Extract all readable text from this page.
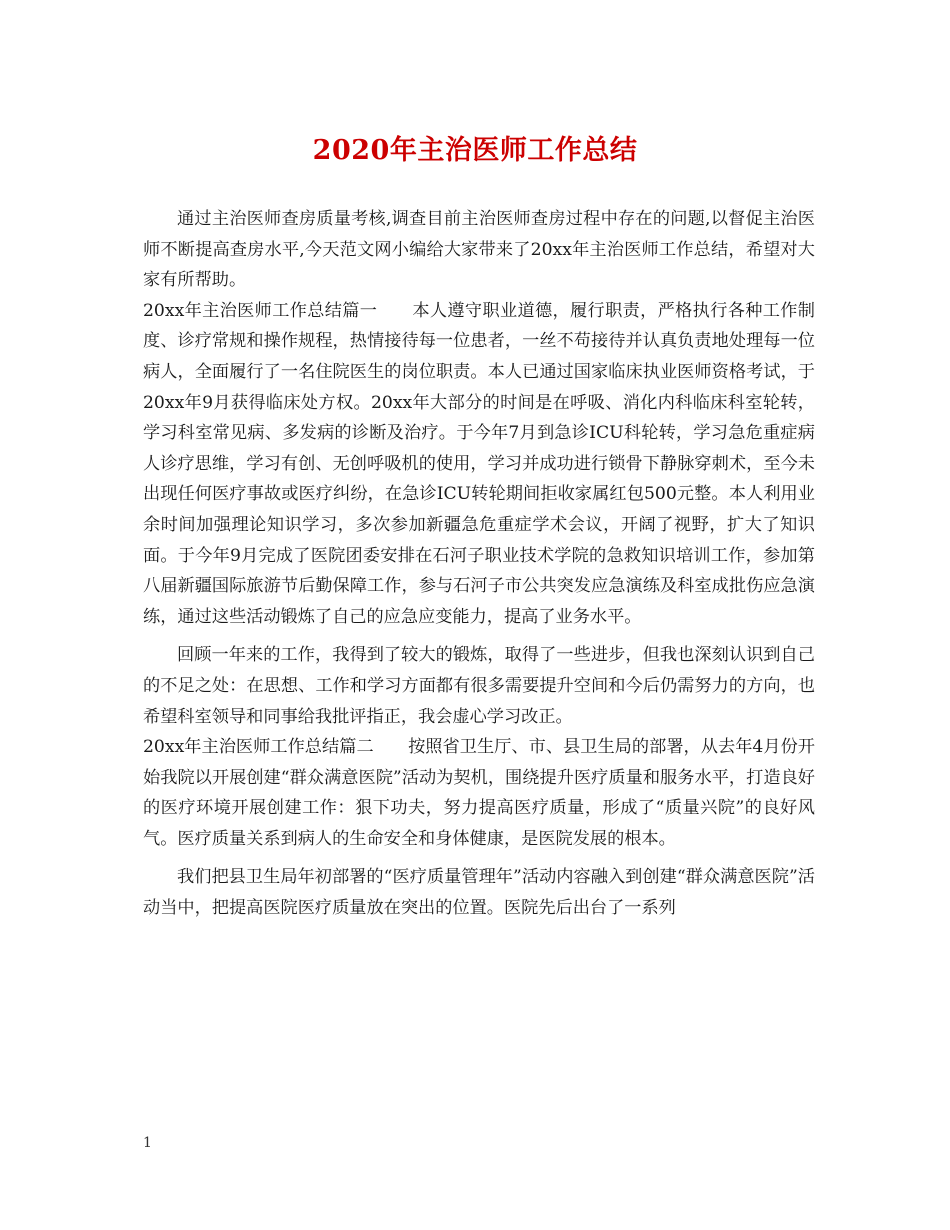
2020年主治医师工作总结

通过主治医师查房质量考核,调查目前主治医师查房过程中存在的问题,以督促主治医师不断提高查房水平,今天范文网小编给大家带来了20xx年主治医师工作总结，希望对大家有所帮助。

20xx年主治医师工作总结篇一　　本人遵守职业道德，履行职责，严格执行各种工作制度、诊疗常规和操作规程，热情接待每一位患者，一丝不苟接待并认真负责地处理每一位病人，全面履行了一名住院医生的岗位职责。本人已通过国家临床执业医师资格考试，于20xx年9月获得临床处方权。20xx年大部分的时间是在呼吸、消化内科临床科室轮转，学习科室常见病、多发病的诊断及治疗。于今年7月到急诊ICU科轮转，学习急危重症病人诊疗思维，学习有创、无创呼吸机的使用，学习并成功进行锁骨下静脉穿刺术，至今未出现任何医疗事故或医疗纠纷，在急诊ICU转轮期间拒收家属红包500元整。本人利用业余时间加强理论知识学习，多次参加新疆急危重症学术会议，开阔了视野，扩大了知识面。于今年9月完成了医院团委安排在石河子职业技术学院的急救知识培训工作，参加第八届新疆国际旅游节后勤保障工作，参与石河子市公共突发应急演练及科室成批伤应急演练，通过这些活动锻炼了自己的应急应变能力，提高了业务水平。

回顾一年来的工作，我得到了较大的锻炼，取得了一些进步，但我也深刻认识到自己的不足之处：在思想、工作和学习方面都有很多需要提升空间和今后仍需努力的方向，也希望科室领导和同事给我批评指正，我会虚心学习改正。

20xx年主治医师工作总结篇二　　按照省卫生厅、市、县卫生局的部署，从去年4月份开始我院以开展创建“群众满意医院”活动为契机，围绕提升医疗质量和服务水平，打造良好的医疗环境开展创建工作：狠下功夫，努力提高医疗质量，形成了“质量兴院”的良好风气。医疗质量关系到病人的生命安全和身体健康，是医院发展的根本。

我们把县卫生局年初部署的“医疗质量管理年”活动内容融入到创建“群众满意医院”活动当中，把提高医院医疗质量放在突出的位置。医院先后出台了一系列

1
